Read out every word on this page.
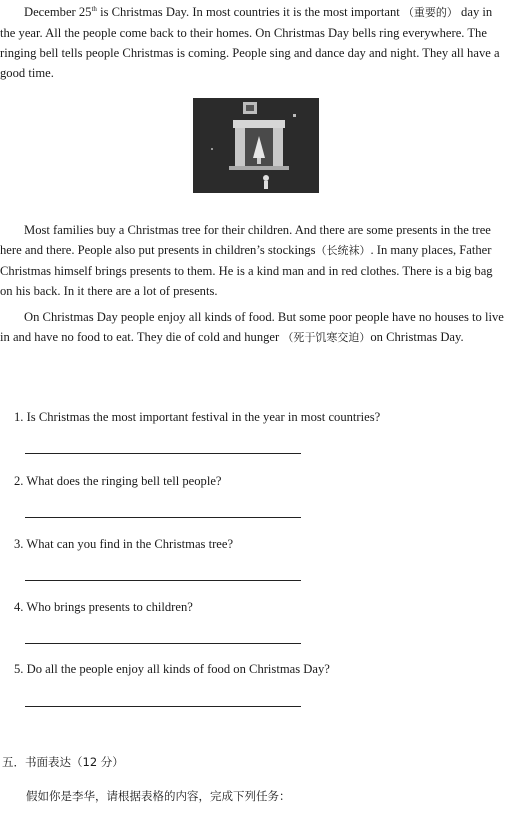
December 25th is Christmas Day. In most countries it is the most important （重要的） day in the year. All the people come back to their homes. On Christmas Day bells ring everywhere. The ringing bell tells people Christmas is coming. People sing and dance day and night. They all have a good time.

Most families buy a Christmas tree for their children. And there are some presents in the tree here and there. People also put presents in children’s stockings（长统袜）. In many places, Father Christmas himself brings presents to them. He is a kind man and in red clothes. There is a big bag on his back. In it there are a lot of presents.

On Christmas Day people enjoy all kinds of food. But some poor people have no houses to live in and have no food to eat. They die of cold and hunger （死于饥寒交迫）on Christmas Day.

1. Is Christmas the most important festival in the year in most countries?

2. What does the ringing bell tell people?

3. What can you find in the Christmas tree?

4. Who brings presents to children?

5. Do all the people enjoy all kinds of food on Christmas Day?

五．书面表达（12 分）

假如你是李华，请根据表格的内容，完成下列任务：
